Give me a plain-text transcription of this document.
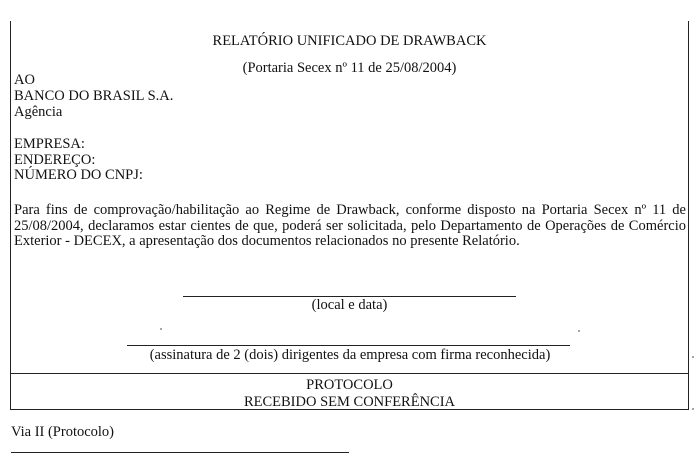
RELATÓRIO UNIFICADO DE DRAWBACK
(Portaria Secex nº 11 de 25/08/2004)
AO
BANCO DO BRASIL S.A.
Agência
EMPRESA:
ENDEREÇO:
NÚMERO DO CNPJ:
Para fins de comprovação/habilitação ao Regime de Drawback, conforme disposto na Portaria Secex nº 11 de 25/08/2004, declaramos estar cientes de que, poderá ser solicitada, pelo Departamento de Operações de Comércio Exterior - DECEX, a apresentação dos documentos relacionados no presente Relatório.
(local e data)
(assinatura de 2 (dois) dirigentes da empresa com firma reconhecida)
PROTOCOLO
RECEBIDO SEM CONFERÊNCIA
Via II (Protocolo)
